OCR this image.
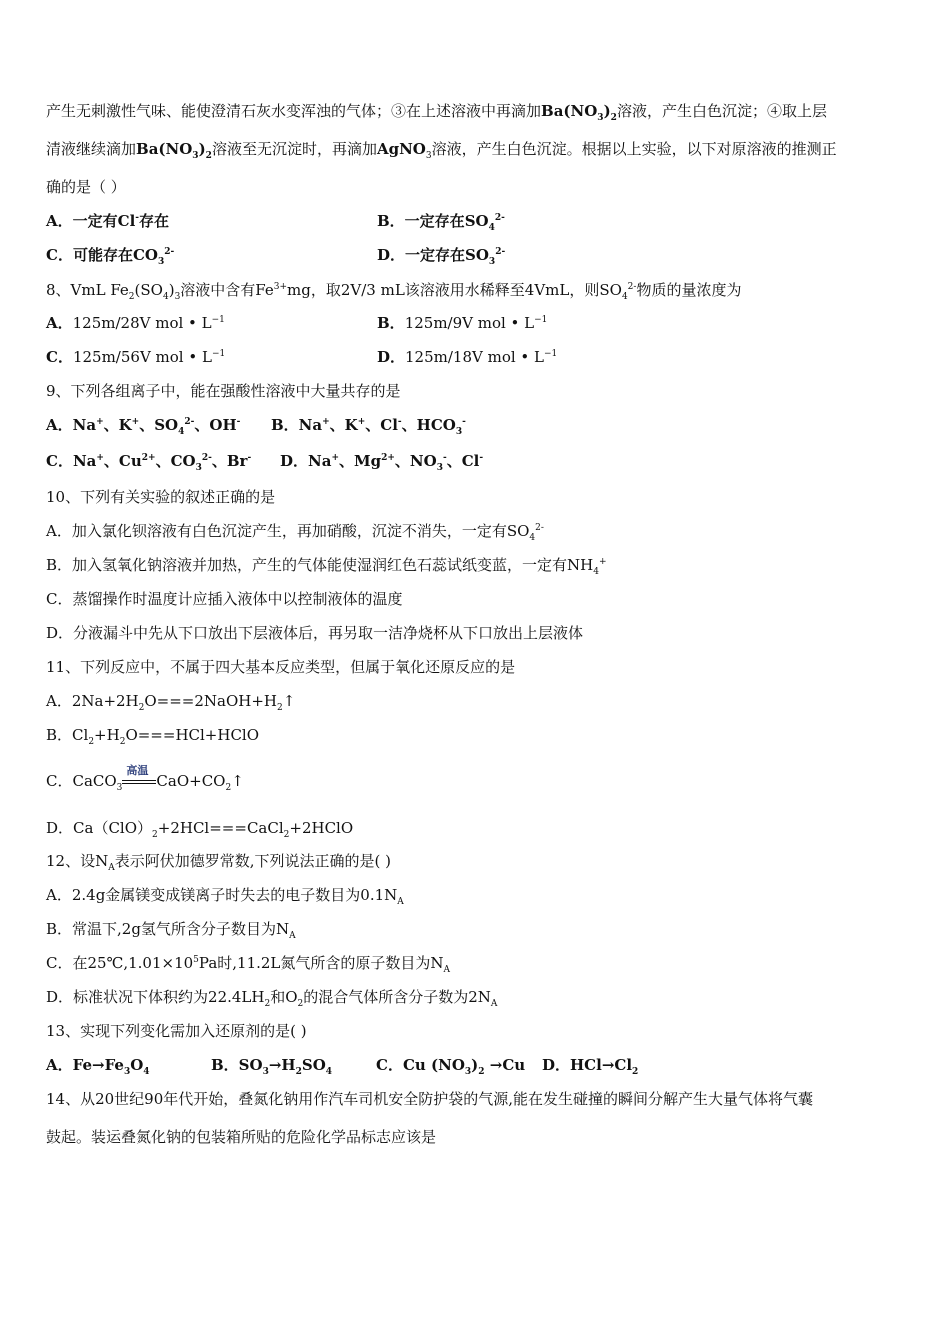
产生无刺激性气味、能使澄清石灰水变浑浊的气体；③在上述溶液中再滴加$Ba(NO_3)_2$溶液，产生白色沉淀；④取上层
清液继续滴加$Ba(NO_3)_2$溶液至无沉淀时，再滴加AgNO$_3$溶液，产生白色沉淀。根据以上实验，以下对原溶液的推测正
确的是（ ）
A．一定有Cl-存在	B．一定存在$SO_4^{2-}$
C．可能存在$CO_3^{2-}$	D．一定存在$SO_3^{2-}$
8、VmL $Fe_2(SO_4)_3$溶液中含有$Fe^{3+}mg$，取2V/3 mL该溶液用水稀释至4VmL，则$SO_4^{2-}$物质的量浓度为
A．125m/28V mol • $L^{-1}$	B．125m/9V mol • $L^{-1}$
C．125m/56V mol • $L^{-1}$	D．125m/18V mol • $L^{-1}$
9、下列各组离子中，能在强酸性溶液中大量共存的是
A．Na+、K+、$SO_4^{2-}$、OH- B．Na+、K+、Cl-、$HCO_3^-$
C．Na+、$Cu^{2+}$、$CO_3^{2-}$、Br- D．Na+、$Mg^{2+}$、$NO_3^-$、Cl-
10、下列有关实验的叙述正确的是
A．加入氯化钡溶液有白色沉淀产生，再加硝酸，沉淀不消失，一定有$SO_4^{2-}$
B．加入氢氧化钠溶液并加热，产生的气体能使湿润红色石蕊试纸变蓝，一定有$NH_4^+$
C．蒸馏操作时温度计应插入液体中以控制液体的温度
D．分液漏斗中先从下口放出下层液体后，再另取一洁净烧杯从下口放出上层液体
11、下列反应中，不属于四大基本反应类型，但属于氧化还原反应的是
A．$2Na+2H_2O===2NaOH+H_2↑$
B．$Cl_2+H_2O===HCl+HClO$
C．CaCO$_3$
高温
$CaO+CO_2↑$
D．$Ca(ClO)_2+2HCl===CaCl_2+2HClO$
12、设$N_A$表示阿伏加德罗常数,下列说法正确的是( )
A．2.4g金属镁变成镁离子时失去的电子数目为$0.1N_A$
B．常温下,2g氢气所含分子数目为$N_A$
C．在$25℃,1.01\times 10^5Pa$时,11.2L氮气所含的原子数目为$N_A$
D．标准状况下体积约为$22.4LH_2$和$O_2$的混合气体所含分子数为$2N_A$
13、实现下列变化需加入还原剂的是( )
A．$Fe\to Fe_3O_4$	B．$SO_3\to H_2SO_4$	C．Cu $(NO_3)_2 \to Cu$ D．$HCl\to Cl_2$
14、从20世纪90年代开始，叠氮化钠用作汽车司机安全防护袋的气源,能在发生碰撞的瞬间分解产生大量气体将气囊
鼓起。装运叠氮化钠的包装箱所贴的危险化学品标志应该是
